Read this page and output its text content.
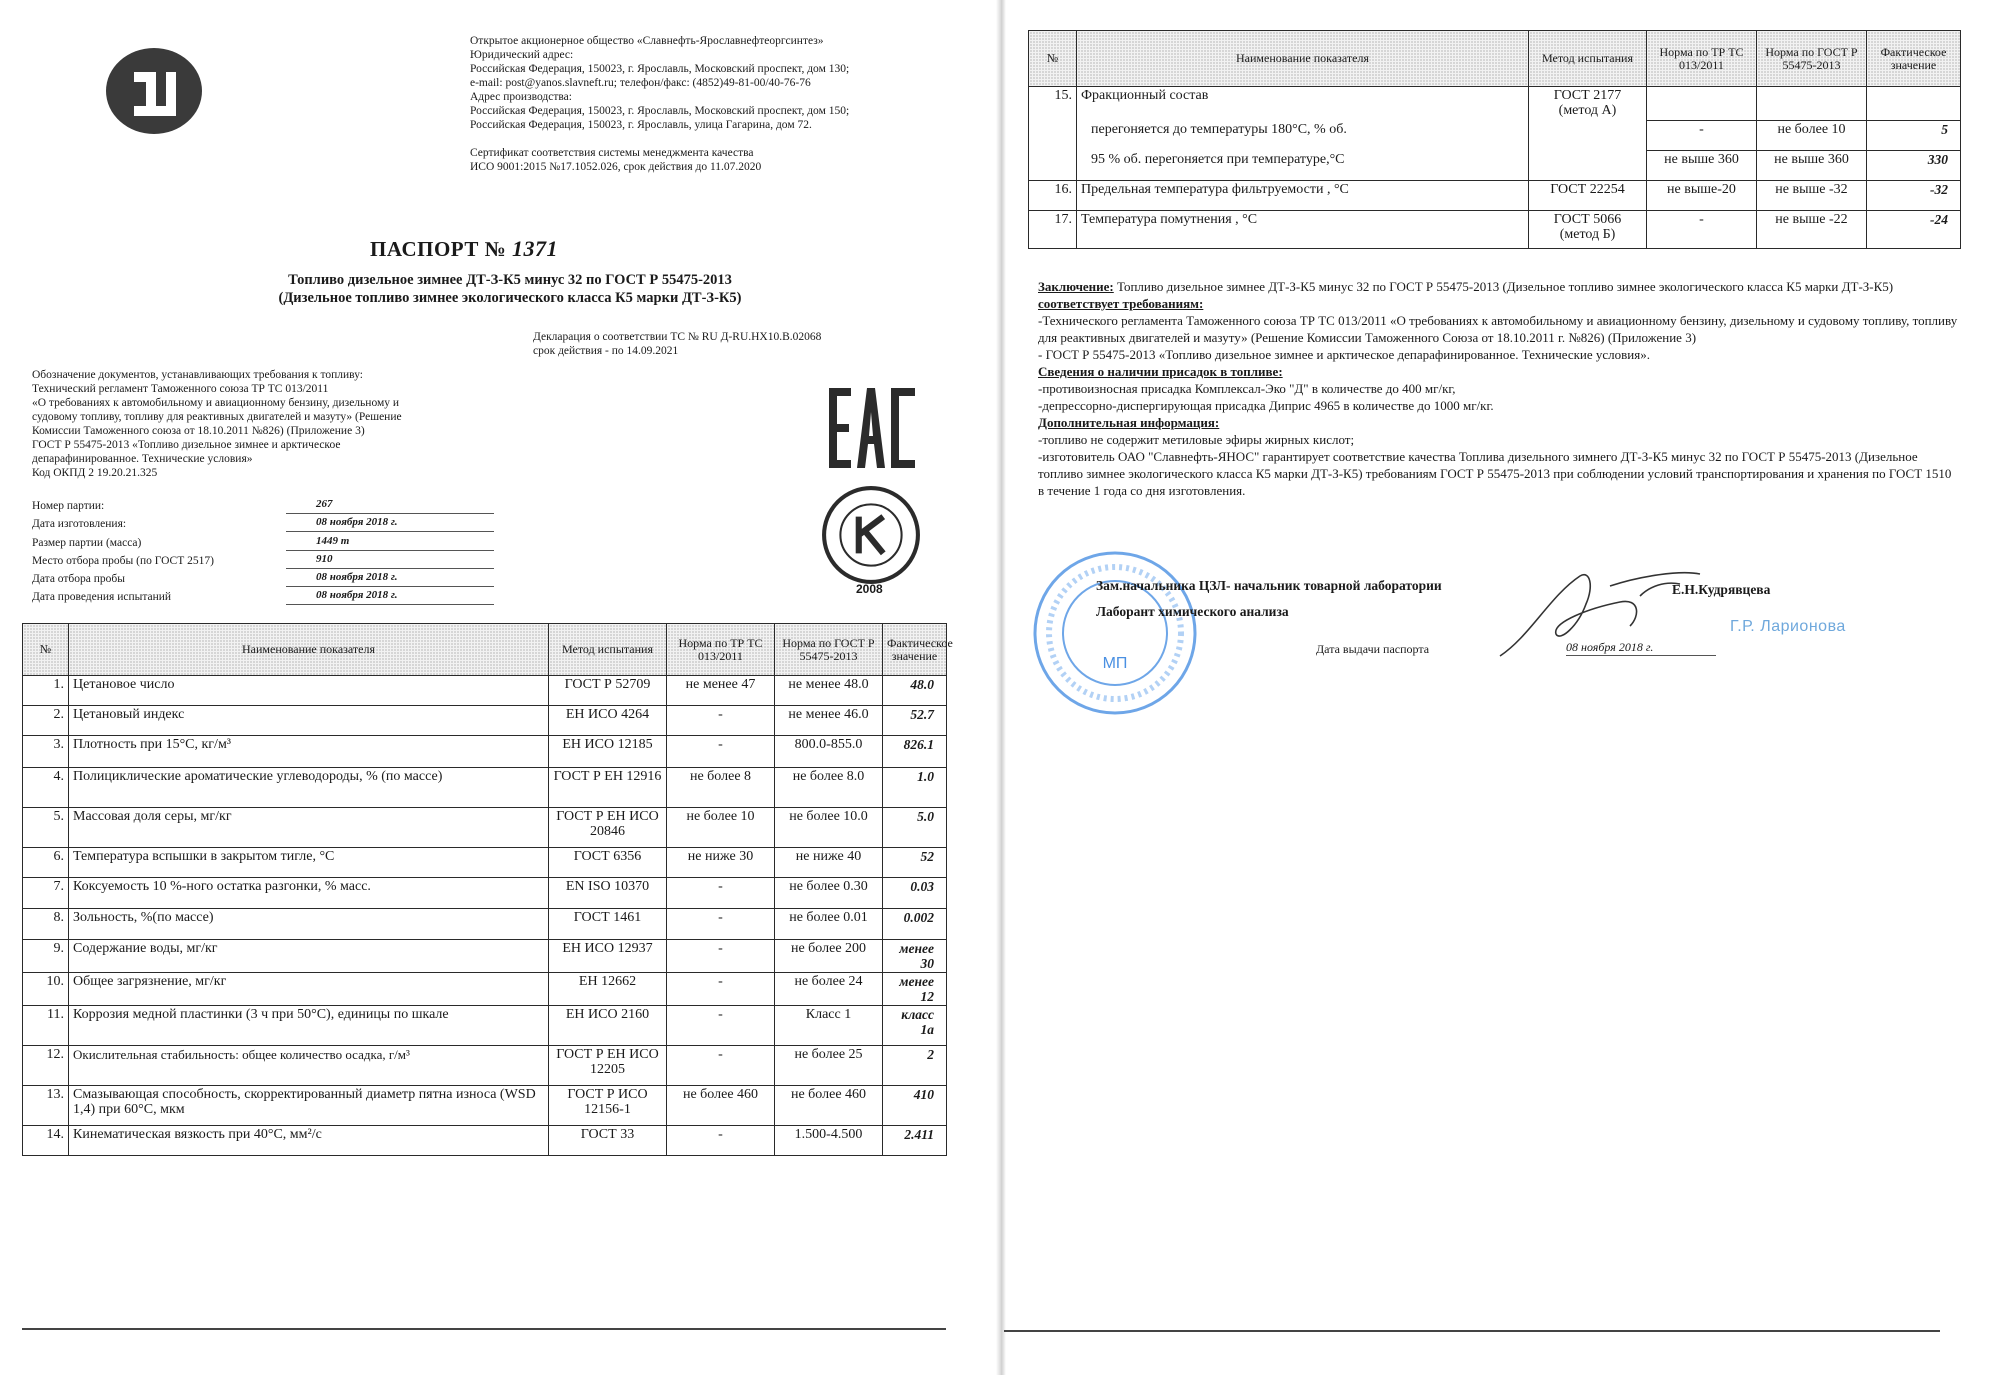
Открытое акционерное общество «Славнефть-Ярославнефтеоргсинтез»
Юридический адрес:
Российская Федерация, 150023, г. Ярославль, Московский проспект, дом 130;
e-mail: post@yanos.slavneft.ru; телефон/факс: (4852)49-81-00/40-76-76
Адрес производства:
Российская Федерация, 150023, г. Ярославль, Московский проспект, дом 150;
Российская Федерация, 150023, г. Ярославль, улица Гагарина, дом 72.
Сертификат соответствия системы менеджмента качества
ИСО 9001:2015 №17.1052.026, срок действия до 11.07.2020
ПАСПОРТ № 1371
Топливо дизельное зимнее ДТ-З-К5 минус 32 по ГОСТ Р 55475-2013
(Дизельное топливо зимнее экологического класса К5 марки ДТ-З-К5)
Декларация о соответствии ТС № RU Д-RU.HX10.В.02068
срок действия - по 14.09.2021
Обозначение документов, устанавливающих требования к топливу:
Технический регламент Таможенного союза ТР ТС 013/2011
«О требованиях к автомобильному и авиационному бензину, дизельному и
судовому топливу, топливу для реактивных двигателей и мазуту» (Решение
Комиссии Таможенного союза от 18.10.2011 №826) (Приложение 3)
ГОСТ Р 55475-2013 «Топливо дизельное зимнее и арктическое
депарафинированное. Технические условия»
Код ОКПД 2 19.20.21.325
2008
Номер партии:	267
Дата изготовления:	08 ноября 2018 г.
Размер партии (масса)	1449 т
Место отбора пробы (по ГОСТ 2517)	910
Дата отбора пробы	08 ноября 2018 г.
Дата проведения испытаний	08 ноября 2018 г.
№	Наименование показателя	Метод испытания	Норма по ТР ТС 013/2011	Норма по ГОСТ Р 55475-2013	Фактическое значение
1.	Цетановое число	ГОСТ Р 52709	не менее 47	не менее 48.0	48.0
2.	Цетановый индекс	ЕН ИСО 4264	-	не менее 46.0	52.7
3.	Плотность при 15°С, кг/м³	ЕН ИСО 12185	-	800.0-855.0	826.1
4.	Полициклические ароматические углеводороды, % (по массе)	ГОСТ Р ЕН 12916	не более 8	не более 8.0	1.0
5.	Массовая доля серы, мг/кг	ГОСТ Р ЕН ИСО 20846	не более 10	не более 10.0	5.0
6.	Температура вспышки в закрытом тигле, °С	ГОСТ 6356	не ниже 30	не ниже 40	52
7.	Коксуемость 10 %-ного остатка разгонки, % масс.	EN ISO 10370	-	не более 0.30	0.03
8.	Зольность, %(по массе)	ГОСТ 1461	-	не более 0.01	0.002
9.	Содержание воды, мг/кг	ЕН ИСО 12937	-	не более 200	менее 30
10.	Общее загрязнение, мг/кг	ЕН 12662	-	не более 24	менее 12
11.	Коррозия медной пластинки (3 ч при 50°С), единицы по шкале	ЕН ИСО 2160	-	Класс 1	класс 1а
12.	Окислительная стабильность: общее количество осадка, г/м³	ГОСТ Р ЕН ИСО 12205	-	не более 25	2
13.	Смазывающая способность, скорректированный диаметр пятна износа (WSD 1,4) при 60°С, мкм	ГОСТ Р ИСО 12156-1	не более 460	не более 460	410
14.	Кинематическая вязкость при 40°С, мм²/с	ГОСТ 33	-	1.500-4.500	2.411
№	Наименование показателя	Метод испытания	Норма по ТР ТС 013/2011	Норма по ГОСТ Р 55475-2013	Фактическое значение
15.	Фракционный состав	ГОСТ 2177 (метод А)			
	перегоняется до температуры 180°С, % об.		-	не более 10	5
	95 % об. перегоняется при температуре,°С		не выше 360	не выше 360	330
16.	Предельная температура фильтруемости , °С	ГОСТ 22254	не выше-20	не выше -32	-32
17.	Температура помутнения , °С	ГОСТ 5066 (метод Б)	-	не выше -22	-24
Заключение: Топливо дизельное зимнее ДТ-З-К5 минус 32 по ГОСТ Р 55475-2013 (Дизельное топливо зимнее экологического класса К5 марки ДТ-З-К5) соответствует требованиям:
-Технического регламента Таможенного союза ТР ТС 013/2011 «О требованиях к автомобильному и авиационному бензину, дизельному и судовому топливу, топливу для реактивных двигателей и мазуту» (Решение Комиссии Таможенного Союза от 18.10.2011 г. №826) (Приложение 3)
- ГОСТ Р 55475-2013 «Топливо дизельное зимнее и арктическое депарафинированное. Технические условия».
Сведения о наличии присадок в топливе:
-противоизносная присадка Комплексал-Эко "Д" в количестве до 400 мг/кг,
-депрессорно-диспергирующая присадка Диприс 4965 в количестве до 1000 мг/кг.
Дополнительная информация:
-топливо не содержит метиловые эфиры жирных кислот;
-изготовитель ОАО "Славнефть-ЯНОС" гарантирует соответствие качества Топлива дизельного зимнего ДТ-З-К5 минус 32 по ГОСТ Р 55475-2013 (Дизельное топливо зимнее экологического класса К5 марки ДТ-З-К5) требованиям ГОСТ Р 55475-2013 при соблюдении условий транспортирования и хранения по ГОСТ 1510 в течение 1 года со дня изготовления.
МП
Зам.начальника ЦЗЛ- начальник товарной лаборатории	Е.Н.Кудрявцева
Лаборант химического анализа
Г.Р. Ларионова
Дата выдачи паспорта	08 ноября 2018 г.
